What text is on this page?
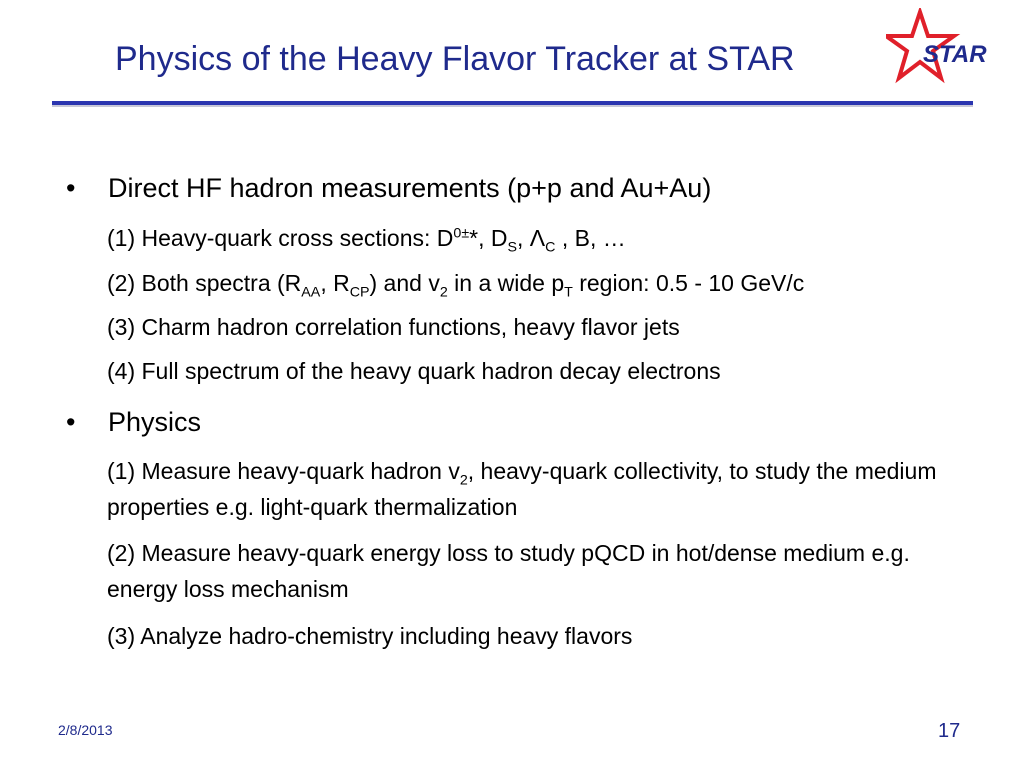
Physics of the Heavy Flavor Tracker at STAR	STAR
• Direct HF hadron measurements (p+p and Au+Au)
(1) Heavy-quark cross sections: $D^{0\pm}*$, $D_S$, $\Lambda_C$ , B, …
(2) Both spectra ($R_{AA}$, $R_{CP}$) and $v_2$ in a wide $p_T$ region: 0.5 - 10 GeV/c
(3) Charm hadron correlation functions, heavy flavor jets
(4) Full spectrum of the heavy quark hadron decay electrons
• Physics
(1) Measure heavy-quark hadron $v_2$, heavy-quark collectivity, to study the medium properties e.g. light-quark thermalization
(2) Measure heavy-quark energy loss to study pQCD in hot/dense medium e.g. energy loss mechanism
(3) Analyze hadro-chemistry including heavy flavors
2/8/2013	17
